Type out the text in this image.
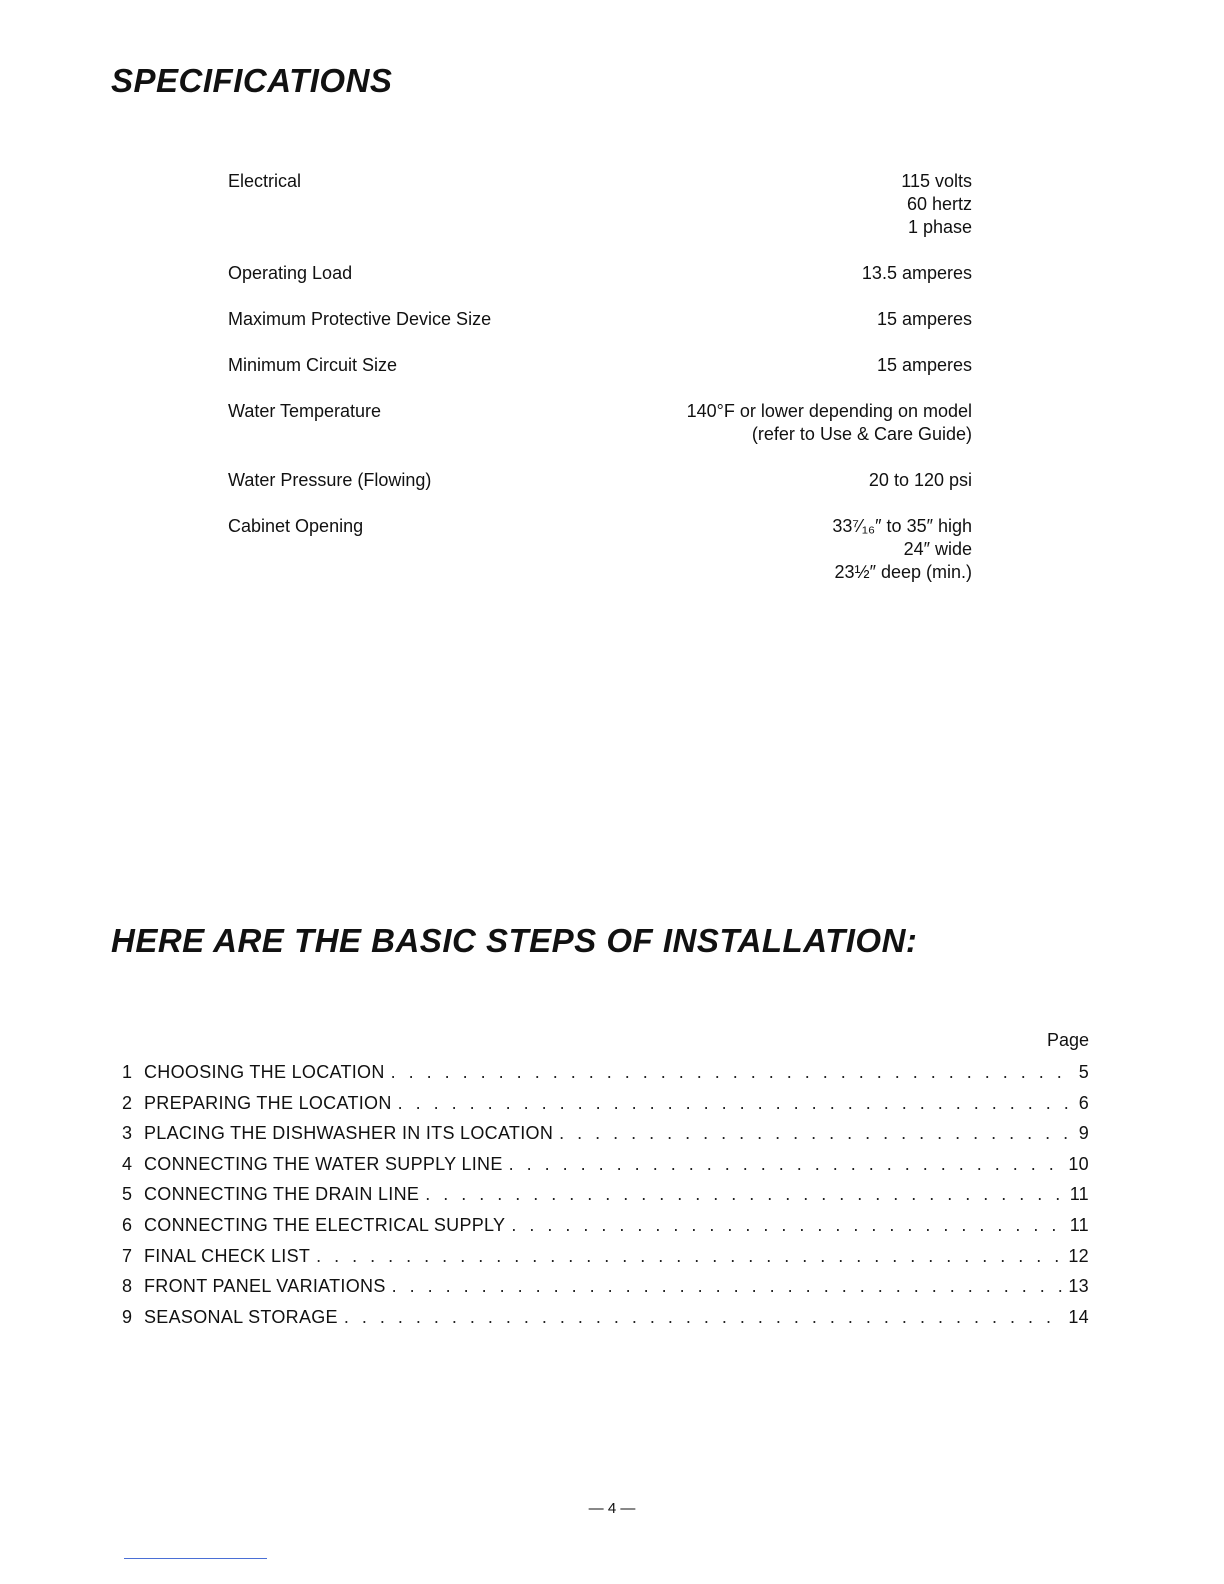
SPECIFICATIONS
Electrical	115 volts
60 hertz
1 phase
Operating Load	13.5 amperes
Maximum Protective Device Size	15 amperes
Minimum Circuit Size	15 amperes
Water Temperature	140°F or lower depending on model
(refer to Use & Care Guide)
Water Pressure (Flowing)	20 to 120 psi
Cabinet Opening	33⁷⁄₁₆″ to 35″ high
24″ wide
23½″ deep (min.)
HERE ARE THE BASIC STEPS OF INSTALLATION:
Page
1 CHOOSING THE LOCATION . . .	5
2 PREPARING THE LOCATION . . .	6
3 PLACING THE DISHWASHER IN ITS LOCATION . . .	9
4 CONNECTING THE WATER SUPPLY LINE . . .	10
5 CONNECTING THE DRAIN LINE . . .	11
6 CONNECTING THE ELECTRICAL SUPPLY . . .	11
7 FINAL CHECK LIST . . .	12
8 FRONT PANEL VARIATIONS . . .	13
9 SEASONAL STORAGE . . .	14
— 4 —
